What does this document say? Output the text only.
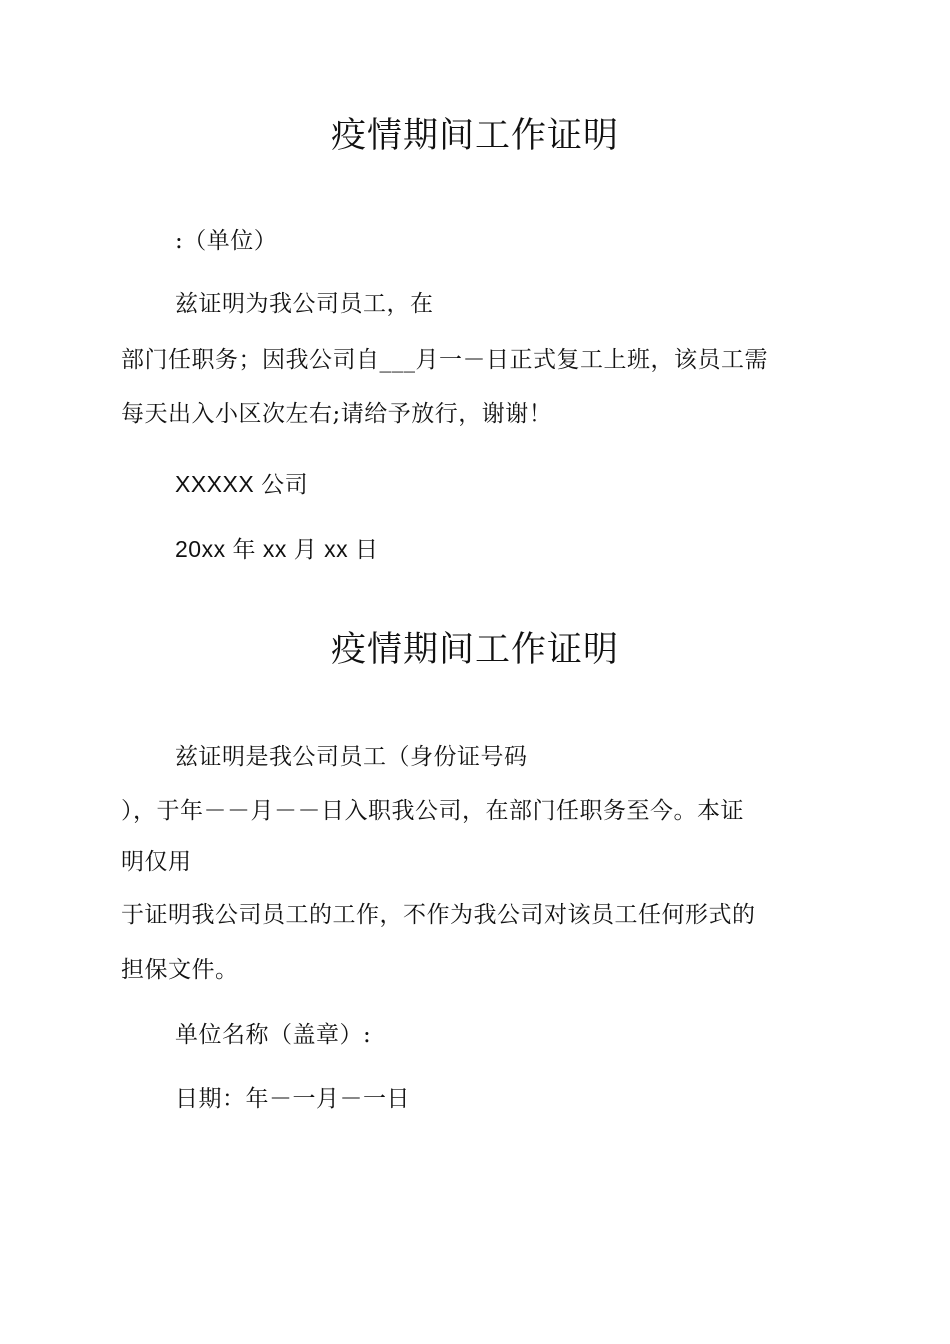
疫情期间工作证明
:（单位）
兹证明为我公司员工，在
部门任职务；因我公司自___月一－日正式复工上班，该员工需
每天出入小区次左右;请给予放行，谢谢！
XXXXX 公司
20xx 年 xx 月 xx 日
疫情期间工作证明
兹证明是我公司员工（身份证号码
），于年－－月－－日入职我公司，在部门任职务至今。本证
明仅用
于证明我公司员工的工作，不作为我公司对该员工任何形式的
担保文件。
单位名称（盖章）:
日期：年－一月－一日
